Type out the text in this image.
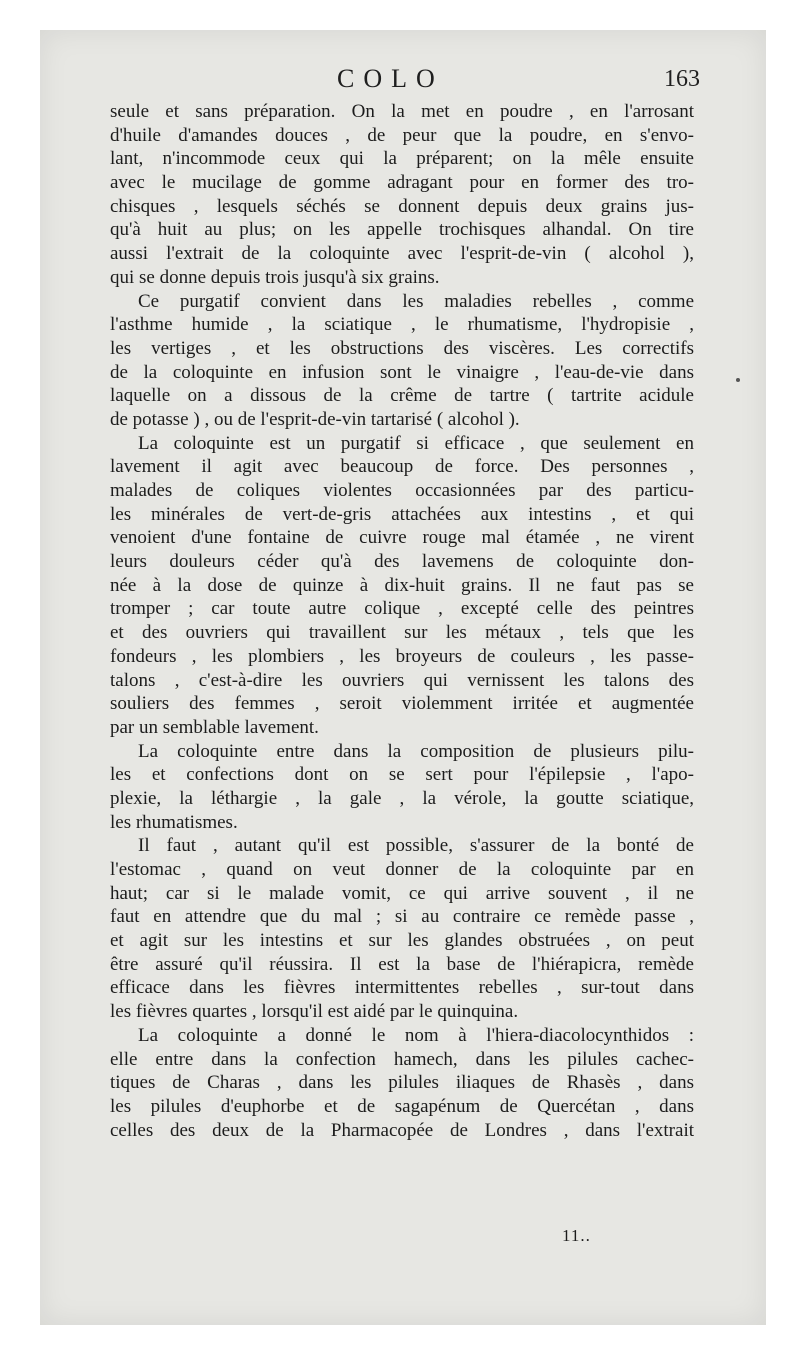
COLO	163
seule et sans préparation. On la met en poudre , en l'arrosant
d'huile d'amandes douces , de peur que la poudre, en s'envo-
lant, n'incommode ceux qui la préparent; on la mêle ensuite
avec le mucilage de gomme adragant pour en former des tro-
chisques , lesquels séchés se donnent depuis deux grains jus-
qu'à huit au plus; on les appelle trochisques alhandal. On tire
aussi l'extrait de la coloquinte avec l'esprit-de-vin ( alcohol ),
qui se donne depuis trois jusqu'à six grains.
Ce purgatif convient dans les maladies rebelles , comme
l'asthme humide , la sciatique , le rhumatisme, l'hydropisie ,
les vertiges , et les obstructions des viscères. Les correctifs
de la coloquinte en infusion sont le vinaigre , l'eau-de-vie dans
laquelle on a dissous de la crême de tartre ( tartrite acidule
de potasse ) , ou de l'esprit-de-vin tartarisé ( alcohol ).
La coloquinte est un purgatif si efficace , que seulement en
lavement il agit avec beaucoup de force. Des personnes ,
malades de coliques violentes occasionnées par des particu-
les minérales de vert-de-gris attachées aux intestins , et qui
venoient d'une fontaine de cuivre rouge mal étamée , ne virent
leurs douleurs céder qu'à des lavemens de coloquinte don-
née à la dose de quinze à dix-huit grains. Il ne faut pas se
tromper ; car toute autre colique , excepté celle des peintres
et des ouvriers qui travaillent sur les métaux , tels que les
fondeurs , les plombiers , les broyeurs de couleurs , les passe-
talons , c'est-à-dire les ouvriers qui vernissent les talons des
souliers des femmes , seroit violemment irritée et augmentée
par un semblable lavement.
La coloquinte entre dans la composition de plusieurs pilu-
les et confections dont on se sert pour l'épilepsie , l'apo-
plexie, la léthargie , la gale , la vérole, la goutte sciatique,
les rhumatismes.
Il faut , autant qu'il est possible, s'assurer de la bonté de
l'estomac , quand on veut donner de la coloquinte par en
haut; car si le malade vomit, ce qui arrive souvent , il ne
faut en attendre que du mal ; si au contraire ce remède passe ,
et agit sur les intestins et sur les glandes obstruées , on peut
être assuré qu'il réussira. Il est la base de l'hiérapicra, remède
efficace dans les fièvres intermittentes rebelles , sur-tout dans
les fièvres quartes , lorsqu'il est aidé par le quinquina.
La coloquinte a donné le nom à l'hiera-diacolocynthidos :
elle entre dans la confection hamech, dans les pilules cachec-
tiques de Charas , dans les pilules iliaques de Rhasès , dans
les pilules d'euphorbe et de sagapénum de Quercétan , dans
celles des deux de la Pharmacopée de Londres , dans l'extrait
11..
